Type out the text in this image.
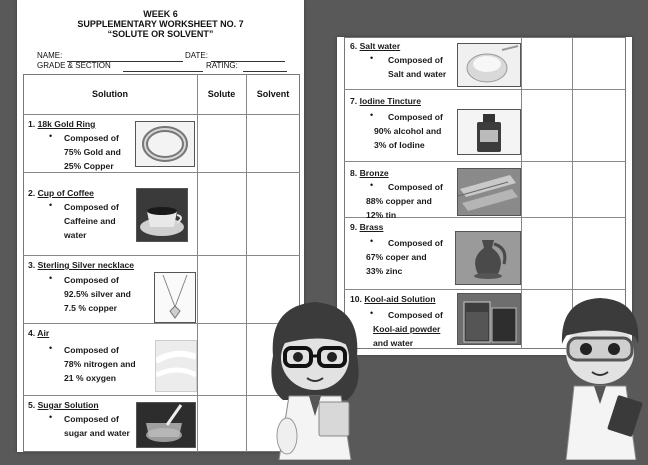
WEEK 6
SUPPLEMENTARY WORKSHEET NO. 7
“SOLUTE OR SOLVENT”
NAME:	DATE:
GRADE & SECTION	RATING:
Solution	Solute	Solvent
1. 18k Gold Ring
• Composed of
75% Gold and
25% Copper
2. Cup of Coffee
• Composed of
Caffeine and
water
3. Sterling Silver necklace
• Composed of
92.5% silver and
7.5 % copper
4. Air
• Composed of
78% nitrogen and
21 % oxygen
5. Sugar Solution
• Composed of
sugar and water
6. Salt water
• Composed of
Salt and water
7. Iodine Tincture
•	Composed of
90% alcohol and
3% of Iodine
8. Bronze
•	Composed of
88% copper and
12% tin
9. Brass
•	Composed of
67% coper and
33% zinc
10. Kool-aid Solution
•	Composed of
Kool-aid powder
and water
